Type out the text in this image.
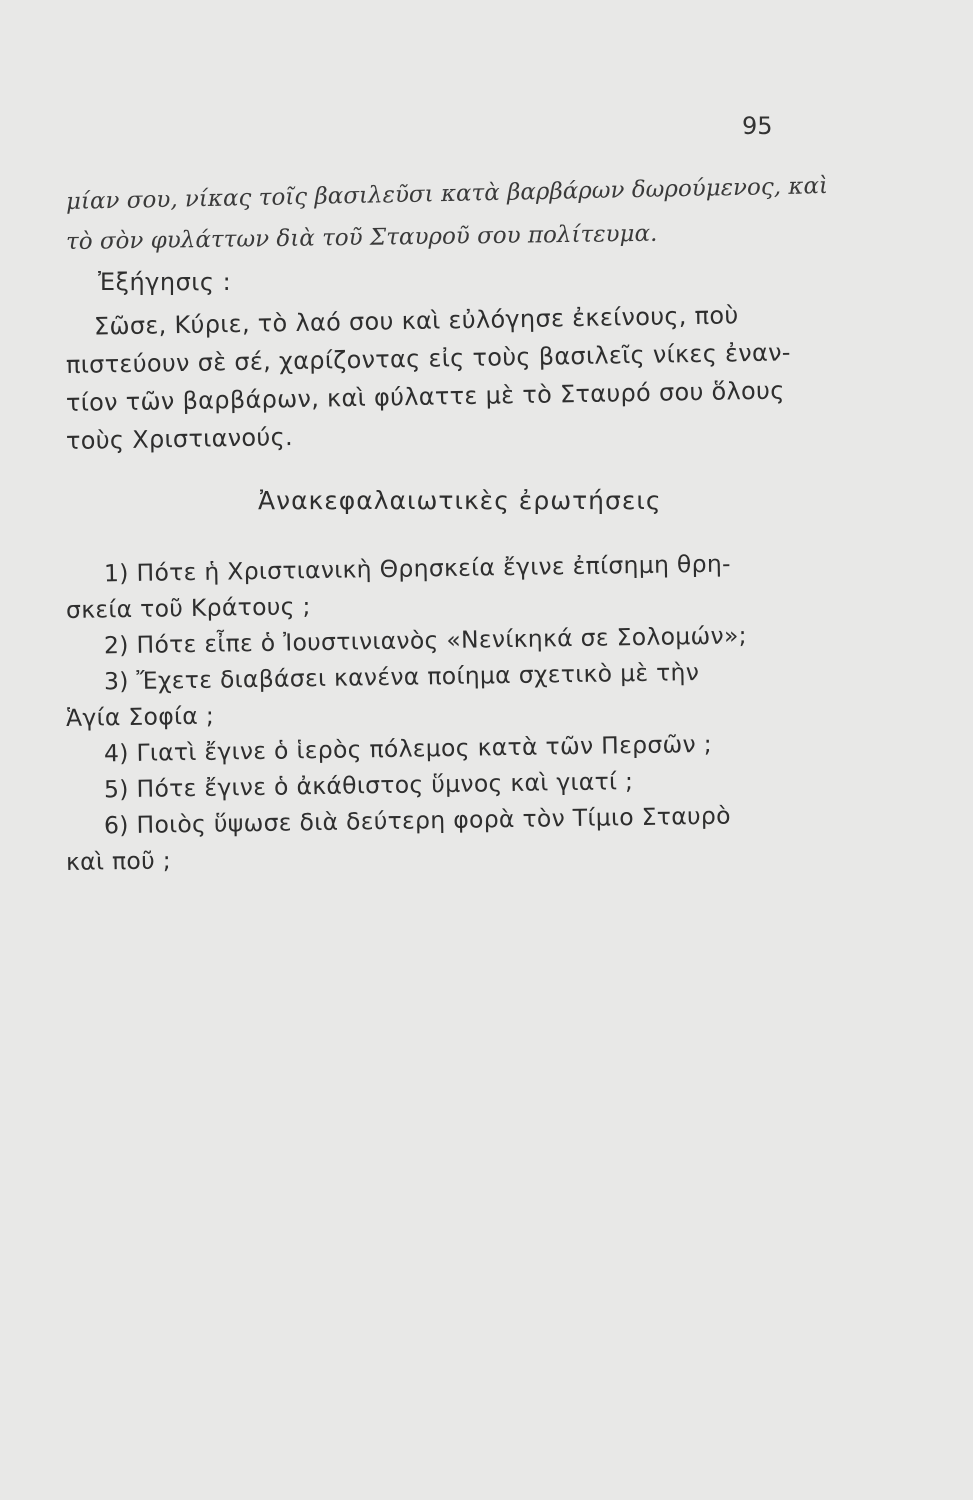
95

μίαν σου, νίκας τοῖς βασιλεῦσι κατὰ βαρβάρων δωρούμενος, καὶ
τὸ σὸν φυλάττων διὰ τοῦ Σταυροῦ σου πολίτευμα.

Ἐξήγησις :

Σῶσε, Κύριε, τὸ λαό σου καὶ εὐλόγησε ἐκείνους, ποὺ
πιστεύουν σὲ σέ, χαρίζοντας εἰς τοὺς βασιλεῖς νίκες ἐναν-
τίον τῶν βαρβάρων, καὶ φύλαττε μὲ τὸ Σταυρό σου ὅλους
τοὺς Χριστιανούς.

Ἀνακεφαλαιωτικὲς ἐρωτήσεις
1) Πότε ἡ Χριστιανικὴ Θρησκεία ἔγινε ἐπίσημη θρη-
σκεία τοῦ Κράτους ;
2) Πότε εἶπε ὁ Ἰουστινιανὸς «Νενίκηκά σε Σολομών»;
3) Ἔχετε διαβάσει κανένα ποίημα σχετικὸ μὲ τὴν
Ἁγία Σοφία ;
4) Γιατὶ ἔγινε ὁ ἱερὸς πόλεμος κατὰ τῶν Περσῶν ;
5) Πότε ἔγινε ὁ ἀκάθιστος ὕμνος καὶ γιατί ;
6) Ποιὸς ὕψωσε διὰ δεύτερη φορὰ τὸν Τίμιο Σταυρὸ
καὶ ποῦ ;
